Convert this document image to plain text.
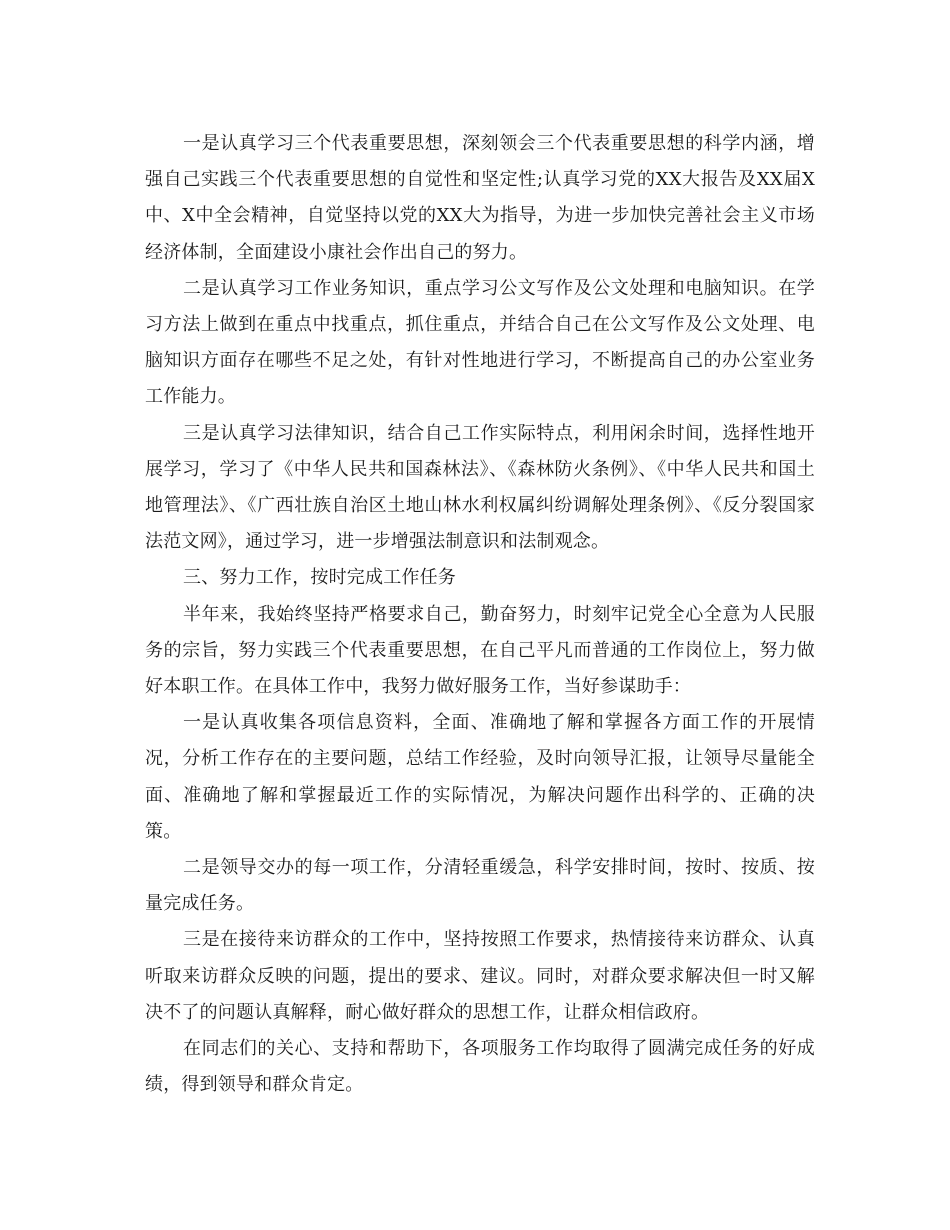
一是认真学习三个代表重要思想，深刻领会三个代表重要思想的科学内涵，增强自己实践三个代表重要思想的自觉性和坚定性;认真学习党的XX大报告及XX届X中、X中全会精神，自觉坚持以党的XX大为指导，为进一步加快完善社会主义市场经济体制，全面建设小康社会作出自己的努力。

二是认真学习工作业务知识，重点学习公文写作及公文处理和电脑知识。在学习方法上做到在重点中找重点，抓住重点，并结合自己在公文写作及公文处理、电脑知识方面存在哪些不足之处，有针对性地进行学习，不断提高自己的办公室业务工作能力。

三是认真学习法律知识，结合自己工作实际特点，利用闲余时间，选择性地开展学习，学习了《中华人民共和国森林法》、《森林防火条例》、《中华人民共和国土地管理法》、《广西壮族自治区土地山林水利权属纠纷调解处理条例》、《反分裂国家法范文网》，通过学习，进一步增强法制意识和法制观念。

三、努力工作，按时完成工作任务

半年来，我始终坚持严格要求自己，勤奋努力，时刻牢记党全心全意为人民服务的宗旨，努力实践三个代表重要思想，在自己平凡而普通的工作岗位上，努力做好本职工作。在具体工作中，我努力做好服务工作，当好参谋助手：

一是认真收集各项信息资料，全面、准确地了解和掌握各方面工作的开展情况，分析工作存在的主要问题，总结工作经验，及时向领导汇报，让领导尽量能全面、准确地了解和掌握最近工作的实际情况，为解决问题作出科学的、正确的决策。

二是领导交办的每一项工作，分清轻重缓急，科学安排时间，按时、按质、按量完成任务。

三是在接待来访群众的工作中，坚持按照工作要求，热情接待来访群众、认真听取来访群众反映的问题，提出的要求、建议。同时，对群众要求解决但一时又解决不了的问题认真解释，耐心做好群众的思想工作，让群众相信政府。

在同志们的关心、支持和帮助下，各项服务工作均取得了圆满完成任务的好成绩，得到领导和群众肯定。
